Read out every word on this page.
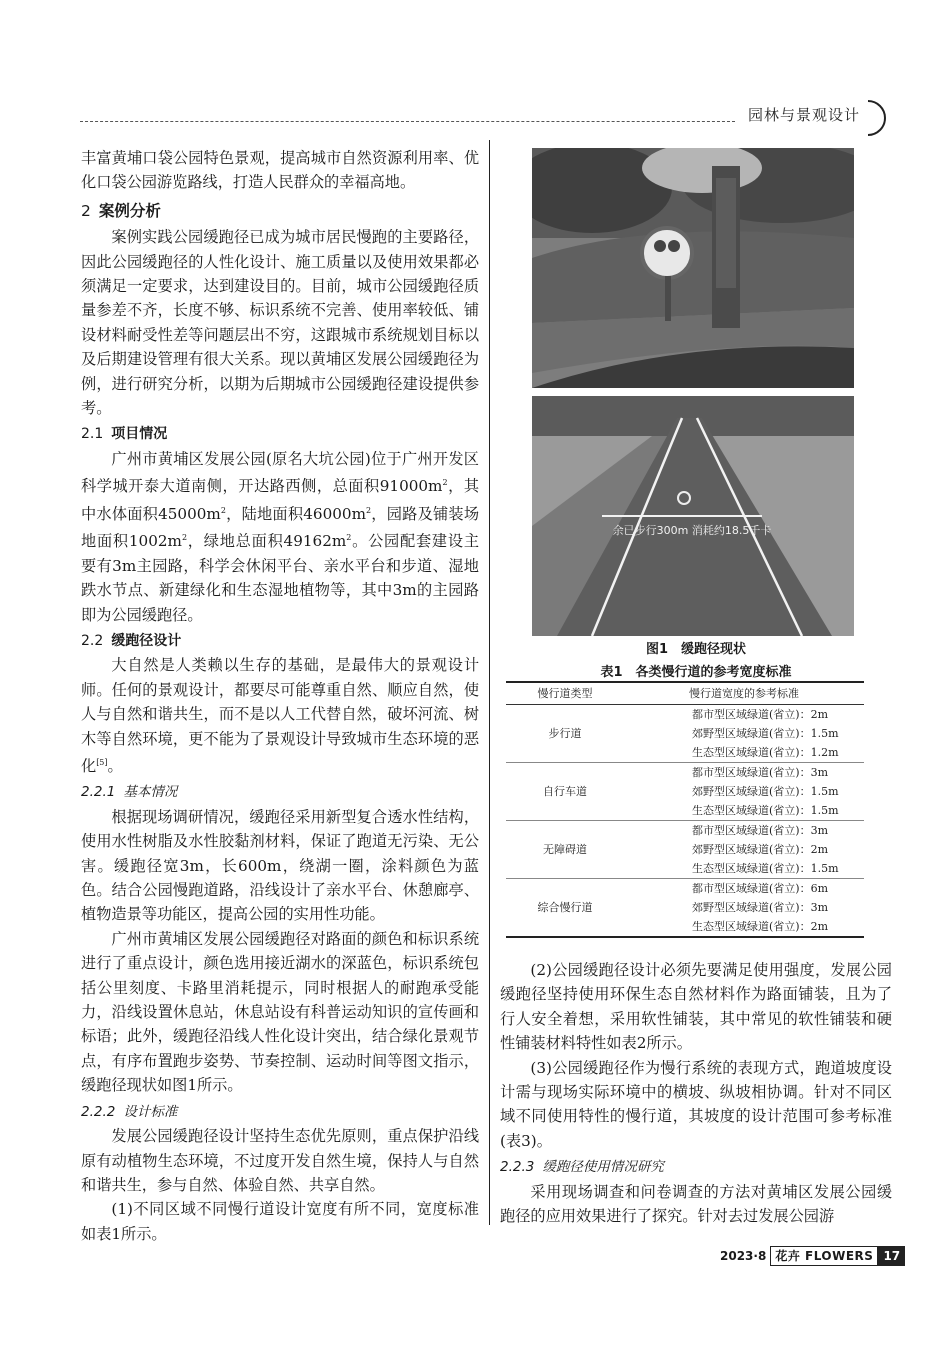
园林与景观设计

丰富黄埔口袋公园特色景观，提高城市自然资源利用率、优化口袋公园游览路线，打造人民群众的幸福高地。

2 案例分析

案例实践公园缓跑径已成为城市居民慢跑的主要路径，因此公园缓跑径的人性化设计、施工质量以及使用效果都必须满足一定要求，达到建设目的。目前，城市公园缓跑径质量参差不齐，长度不够、标识系统不完善、使用率较低、铺设材料耐受性差等问题层出不穷，这跟城市系统规划目标以及后期建设管理有很大关系。现以黄埔区发展公园缓跑径为例，进行研究分析，以期为后期城市公园缓跑径建设提供参考。

2.1 项目情况

广州市黄埔区发展公园(原名大坑公园)位于广州开发区科学城开泰大道南侧，开达路西侧，总面积$91000m^2$，其中水体面积$45000m^2$，陆地面积$46000m^2$，园路及铺装场地面积$1002m^2$，绿地总面积$49162m^2$。公园配套建设主要有3m主园路，科学会休闲平台、亲水平台和步道、湿地跌水节点、新建绿化和生态湿地植物等，其中3m的主园路即为公园缓跑径。

2.2 缓跑径设计

大自然是人类赖以生存的基础，是最伟大的景观设计师。任何的景观设计，都要尽可能尊重自然、顺应自然，使人与自然和谐共生，而不是以人工代替自然，破坏河流、树木等自然环境，更不能为了景观设计导致城市生态环境的恶化[5]。

2.2.1 基本情况

根据现场调研情况，缓跑径采用新型复合透水性结构，使用水性树脂及水性胶黏剂材料，保证了跑道无污染、无公害。缓跑径宽3m，长600m，绕湖一圈，涂料颜色为蓝色。结合公园慢跑道路，沿线设计了亲水平台、休憩廊亭、植物造景等功能区，提高公园的实用性功能。

广州市黄埔区发展公园缓跑径对路面的颜色和标识系统进行了重点设计，颜色选用接近湖水的深蓝色，标识系统包括公里刻度、卡路里消耗提示，同时根据人的耐跑承受能力，沿线设置休息站，休息站设有科普运动知识的宣传画和标语；此外，缓跑径沿线人性化设计突出，结合绿化景观节点，有序布置跑步姿势、节奏控制、运动时间等图文指示，缓跑径现状如图1所示。

2.2.2 设计标准

发展公园缓跑径设计坚持生态优先原则，重点保护沿线原有动植物生态环境，不过度开发自然生境，保持人与自然和谐共生，参与自然、体验自然、共享自然。

(1)不同区域不同慢行道设计宽度有所不同，宽度标准如表1所示。

余已步行300m 消耗约18.5千卡
图1　缓跑径现状
表1　各类慢行道的参考宽度标准
慢行道类型	慢行道宽度的参考标准
步行道	都市型区域绿道(省立)：2m
	郊野型区域绿道(省立)：1.5m
	生态型区域绿道(省立)：1.2m
自行车道	都市型区域绿道(省立)：3m
	郊野型区域绿道(省立)：1.5m
	生态型区域绿道(省立)：1.5m
无障碍道	都市型区域绿道(省立)：3m
	郊野型区域绿道(省立)：2m
	生态型区域绿道(省立)：1.5m
综合慢行道	都市型区域绿道(省立)：6m
	郊野型区域绿道(省立)：3m
	生态型区域绿道(省立)：2m

(2)公园缓跑径设计必须先要满足使用强度，发展公园缓跑径坚持使用环保生态自然材料作为路面铺装，且为了行人安全着想，采用软性铺装，其中常见的软性铺装和硬性铺装材料特性如表2所示。

(3)公园缓跑径作为慢行系统的表现方式，跑道坡度设计需与现场实际环境中的横坡、纵坡相协调。针对不同区域不同使用特性的慢行道，其坡度的设计范围可参考标准(表3)。

2.2.3 缓跑径使用情况研究

采用现场调查和问卷调查的方法对黄埔区发展公园缓跑径的应用效果进行了探究。针对去过发展公园游

2023·8 花卉 FLOWERS 17
